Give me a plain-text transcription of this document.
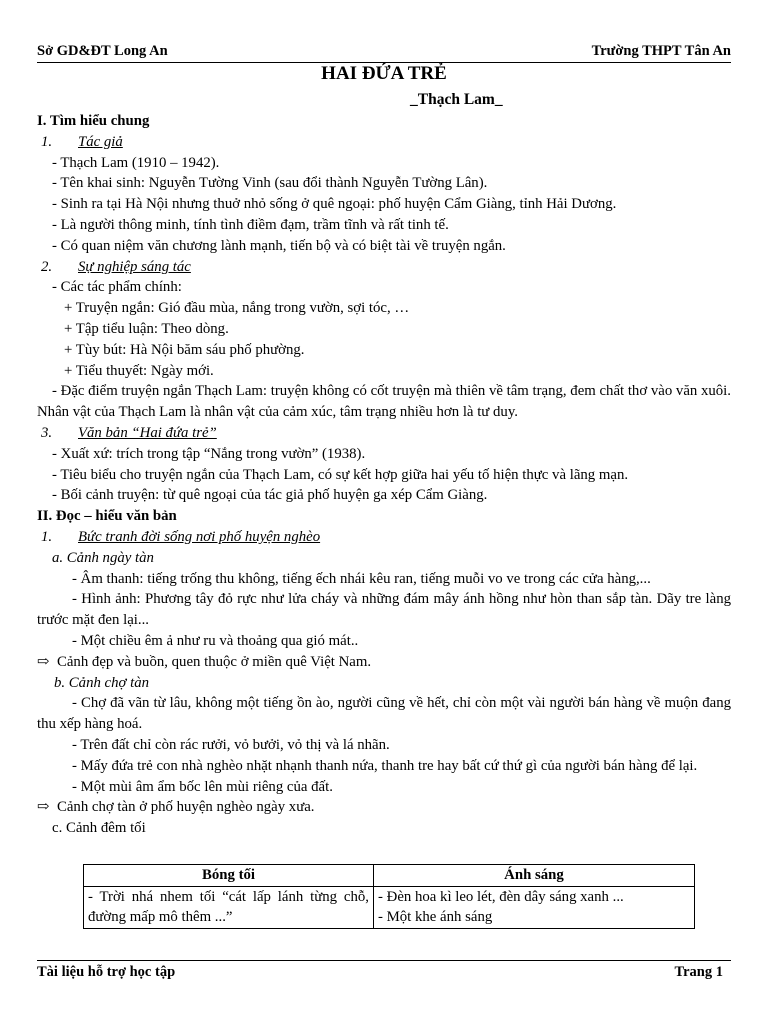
Sở GD&ĐT Long An	Trường THPT Tân An
HAI ĐỨA TRẺ
_Thạch Lam_
I. Tìm hiểu chung
1. Tác giả
- Thạch Lam (1910 – 1942).
- Tên khai sinh: Nguyễn Tường Vinh (sau đổi thành Nguyễn Tường Lân).
- Sinh ra tại Hà Nội nhưng thuở nhỏ sống ở quê ngoại: phố huyện Cẩm Giàng, tỉnh Hải Dương.
- Là người thông minh, tính tình điềm đạm, trầm tĩnh và rất tinh tế.
- Có quan niệm văn chương lành mạnh, tiến bộ và có biệt tài về truyện ngắn.
2. Sự nghiệp sáng tác
- Các tác phẩm chính:
+ Truyện ngắn: Gió đầu mùa, nắng trong vườn, sợi tóc, …
+ Tập tiểu luận: Theo dòng.
+ Tùy bút: Hà Nội băm sáu phố phường.
+ Tiểu thuyết: Ngày mới.
- Đặc điểm truyện ngắn Thạch Lam: truyện không có cốt truyện mà thiên về tâm trạng, đem chất thơ vào văn xuôi. Nhân vật của Thạch Lam là nhân vật của cảm xúc, tâm trạng nhiều hơn là tư duy.
3. Văn bản “Hai đứa trẻ”
- Xuất xứ: trích trong tập “Nắng trong vườn” (1938).
- Tiêu biểu cho truyện ngắn của Thạch Lam, có sự kết hợp giữa hai yếu tố hiện thực và lãng mạn.
- Bối cảnh truyện: từ quê ngoại của tác giả phố huyện ga xép Cẩm Giàng.
II. Đọc – hiểu văn bản
1. Bức tranh đời sống nơi phố huyện nghèo
a. Cảnh ngày tàn
- Âm thanh: tiếng trống thu không, tiếng ếch nhái kêu ran, tiếng muỗi vo ve trong các cửa hàng,...
- Hình ảnh: Phương tây đỏ rực như lửa cháy và những đám mây ánh hồng như hòn than sắp tàn. Dãy tre làng trước mặt đen lại...
- Một chiều êm ả như ru và thoảng qua gió mát..
⇨ Cảnh đẹp và buồn, quen thuộc ở miền quê Việt Nam.
b. Cảnh chợ tàn
- Chợ đã vãn từ lâu, không một tiếng ồn ào, người cũng về hết, chỉ còn một vài người bán hàng về muộn đang thu xếp hàng hoá.
- Trên đất chỉ còn rác rưởi, vỏ bưởi, vỏ thị và lá nhãn.
- Mấy đứa trẻ con nhà nghèo nhặt nhạnh thanh nứa, thanh tre hay bất cứ thứ gì của người bán hàng để lại.
- Một mùi âm ẩm bốc lên mùi riêng của đất.
⇨ Cảnh chợ tàn ở phố huyện nghèo ngày xưa.
c. Cảnh đêm tối
Bóng tối	Ánh sáng
- Trời nhá nhem tối “cát lấp lánh từng chỗ, đường mấp mô thêm ...”	- Đèn hoa kì leo lét, đèn dây sáng xanh ...
- Một khe ánh sáng
Tài liệu hỗ trợ học tập	Trang 1
